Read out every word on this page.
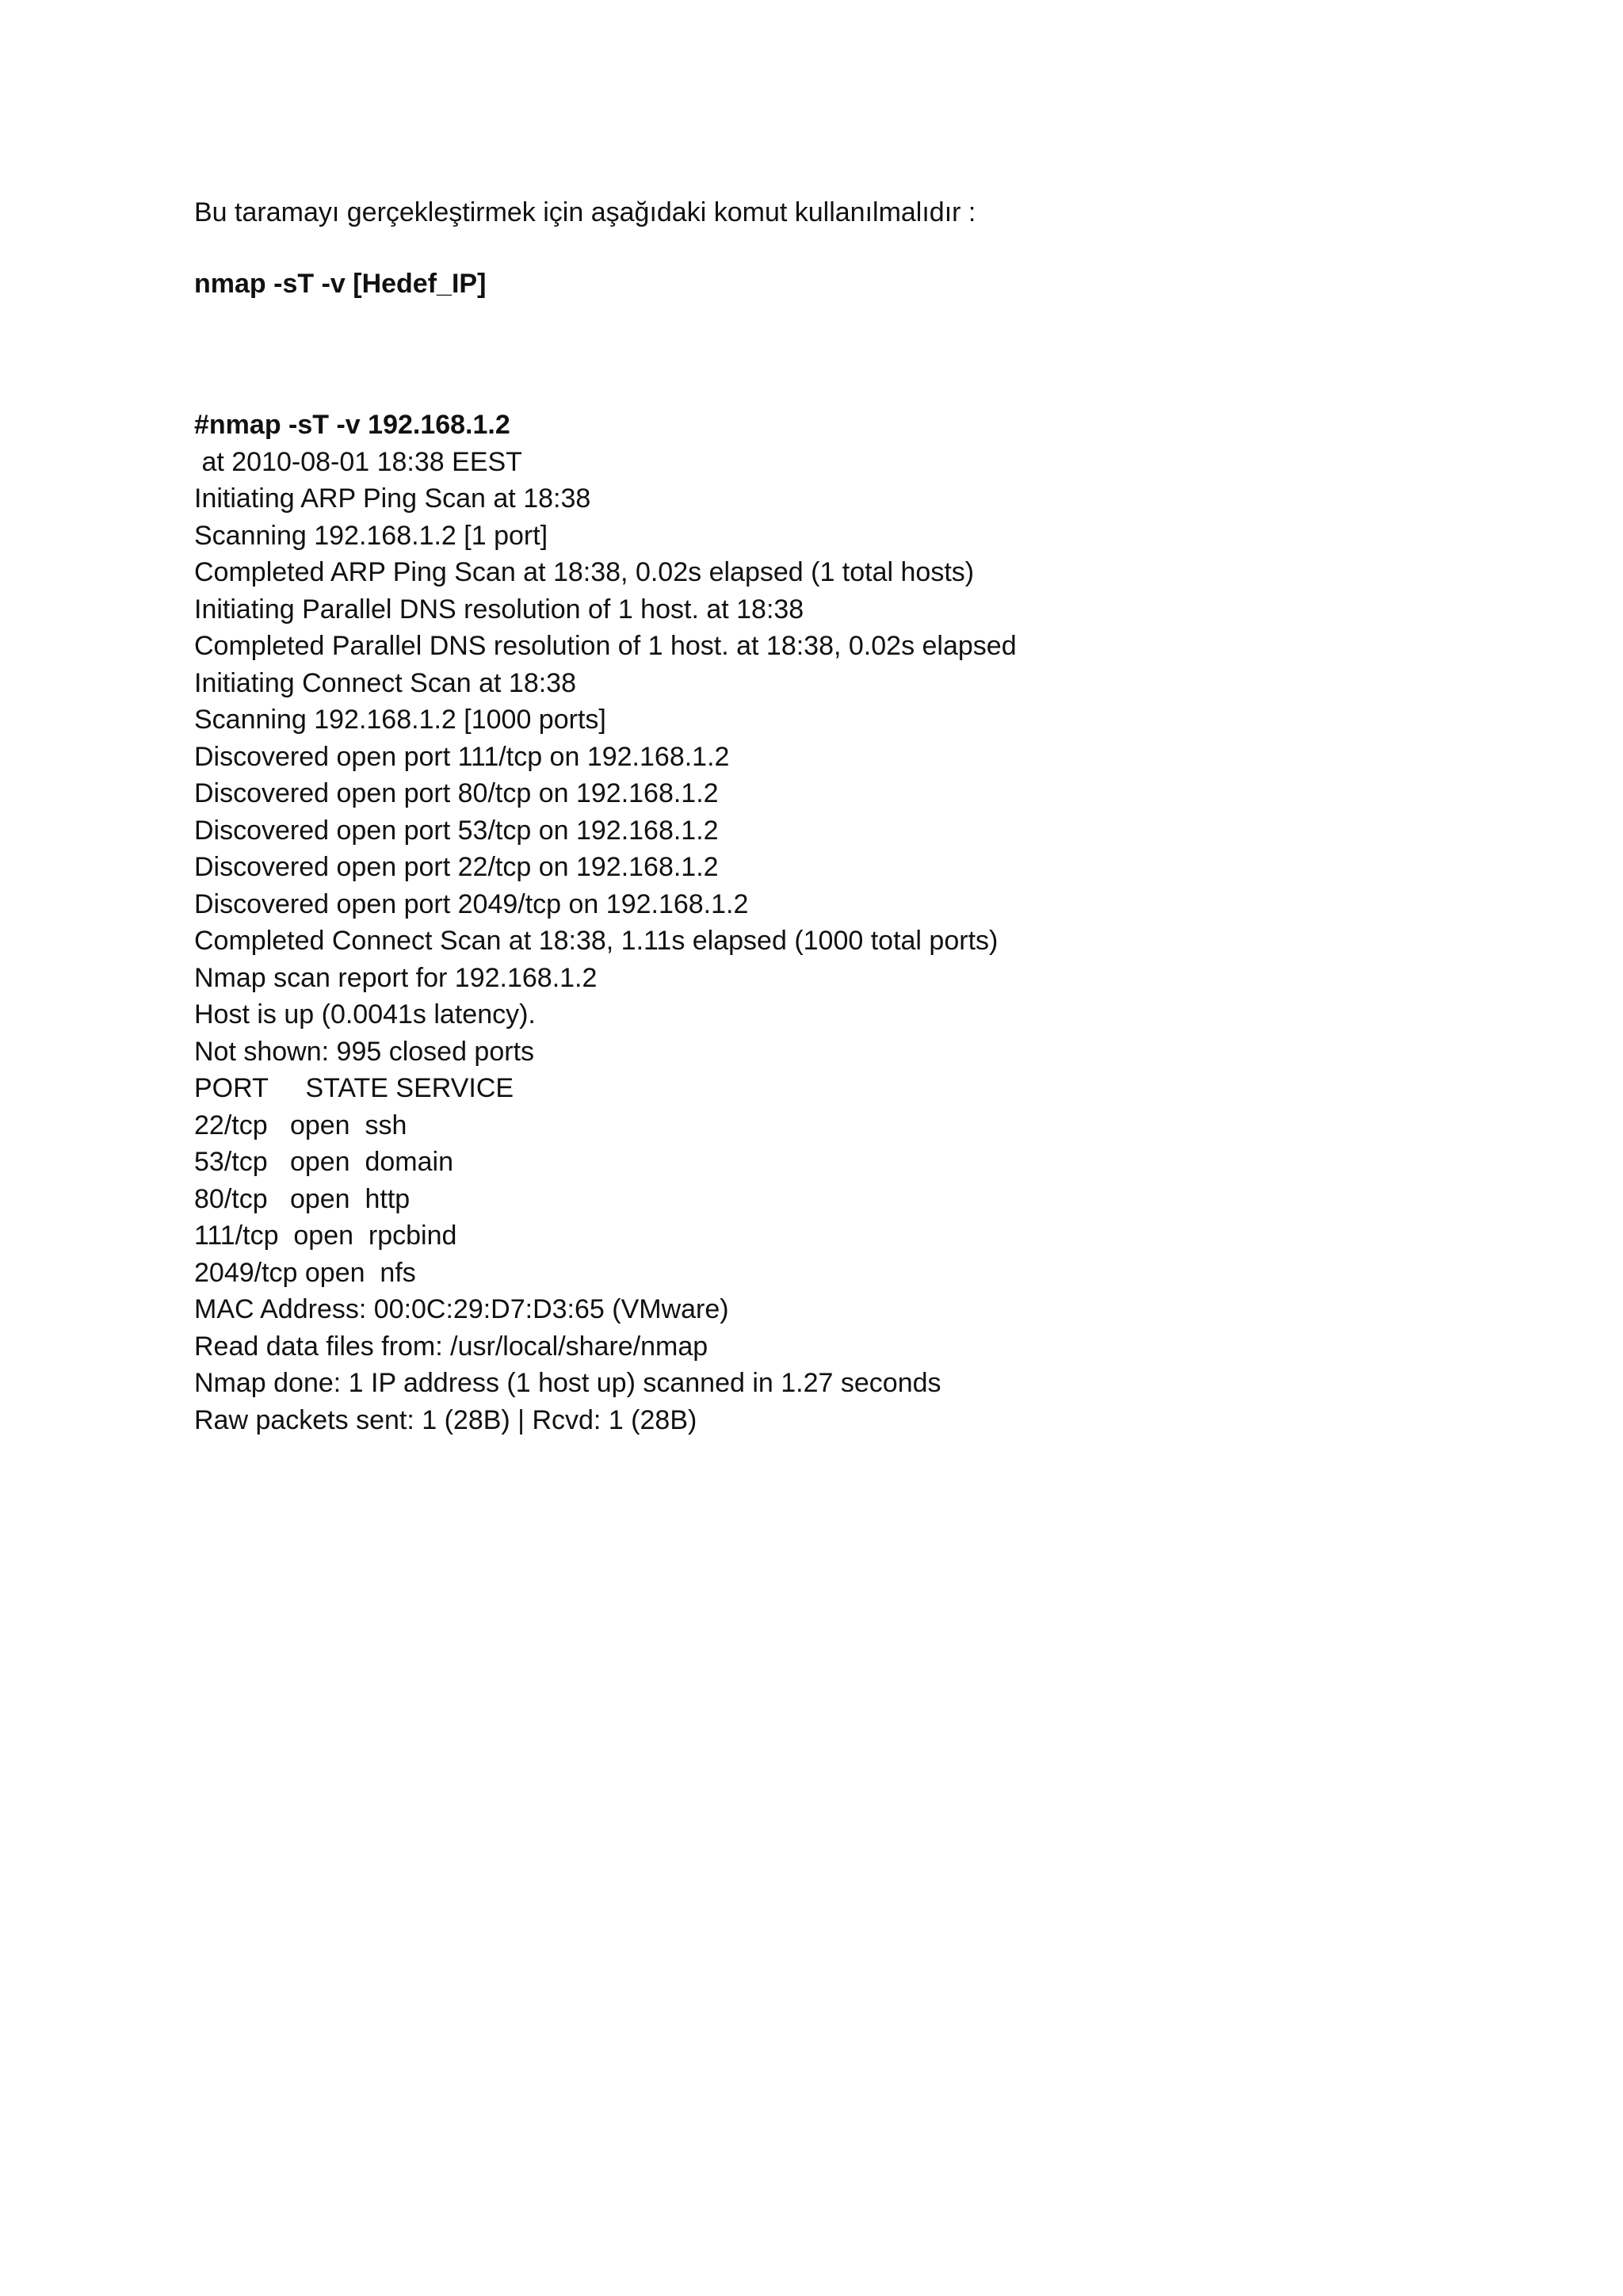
Bu taramayı gerçekleştirmek için aşağıdaki komut kullanılmalıdır :

nmap -sT -v [Hedef_IP]

#nmap -sT -v 192.168.1.2

at 2010-08-01 18:38 EEST

Initiating ARP Ping Scan at 18:38

Scanning 192.168.1.2 [1 port]

Completed ARP Ping Scan at 18:38, 0.02s elapsed (1 total hosts)

Initiating Parallel DNS resolution of 1 host. at 18:38

Completed Parallel DNS resolution of 1 host. at 18:38, 0.02s elapsed

Initiating Connect Scan at 18:38

Scanning 192.168.1.2 [1000 ports]

Discovered open port 111/tcp on 192.168.1.2

Discovered open port 80/tcp on 192.168.1.2

Discovered open port 53/tcp on 192.168.1.2

Discovered open port 22/tcp on 192.168.1.2

Discovered open port 2049/tcp on 192.168.1.2

Completed Connect Scan at 18:38, 1.11s elapsed (1000 total ports)

Nmap scan report for 192.168.1.2

Host is up (0.0041s latency).

Not shown: 995 closed ports

PORT     STATE SERVICE

22/tcp   open  ssh

53/tcp   open  domain

80/tcp   open  http

111/tcp  open  rpcbind

2049/tcp open  nfs

MAC Address: 00:0C:29:D7:D3:65 (VMware)

Read data files from: /usr/local/share/nmap

Nmap done: 1 IP address (1 host up) scanned in 1.27 seconds

Raw packets sent: 1 (28B) | Rcvd: 1 (28B)
